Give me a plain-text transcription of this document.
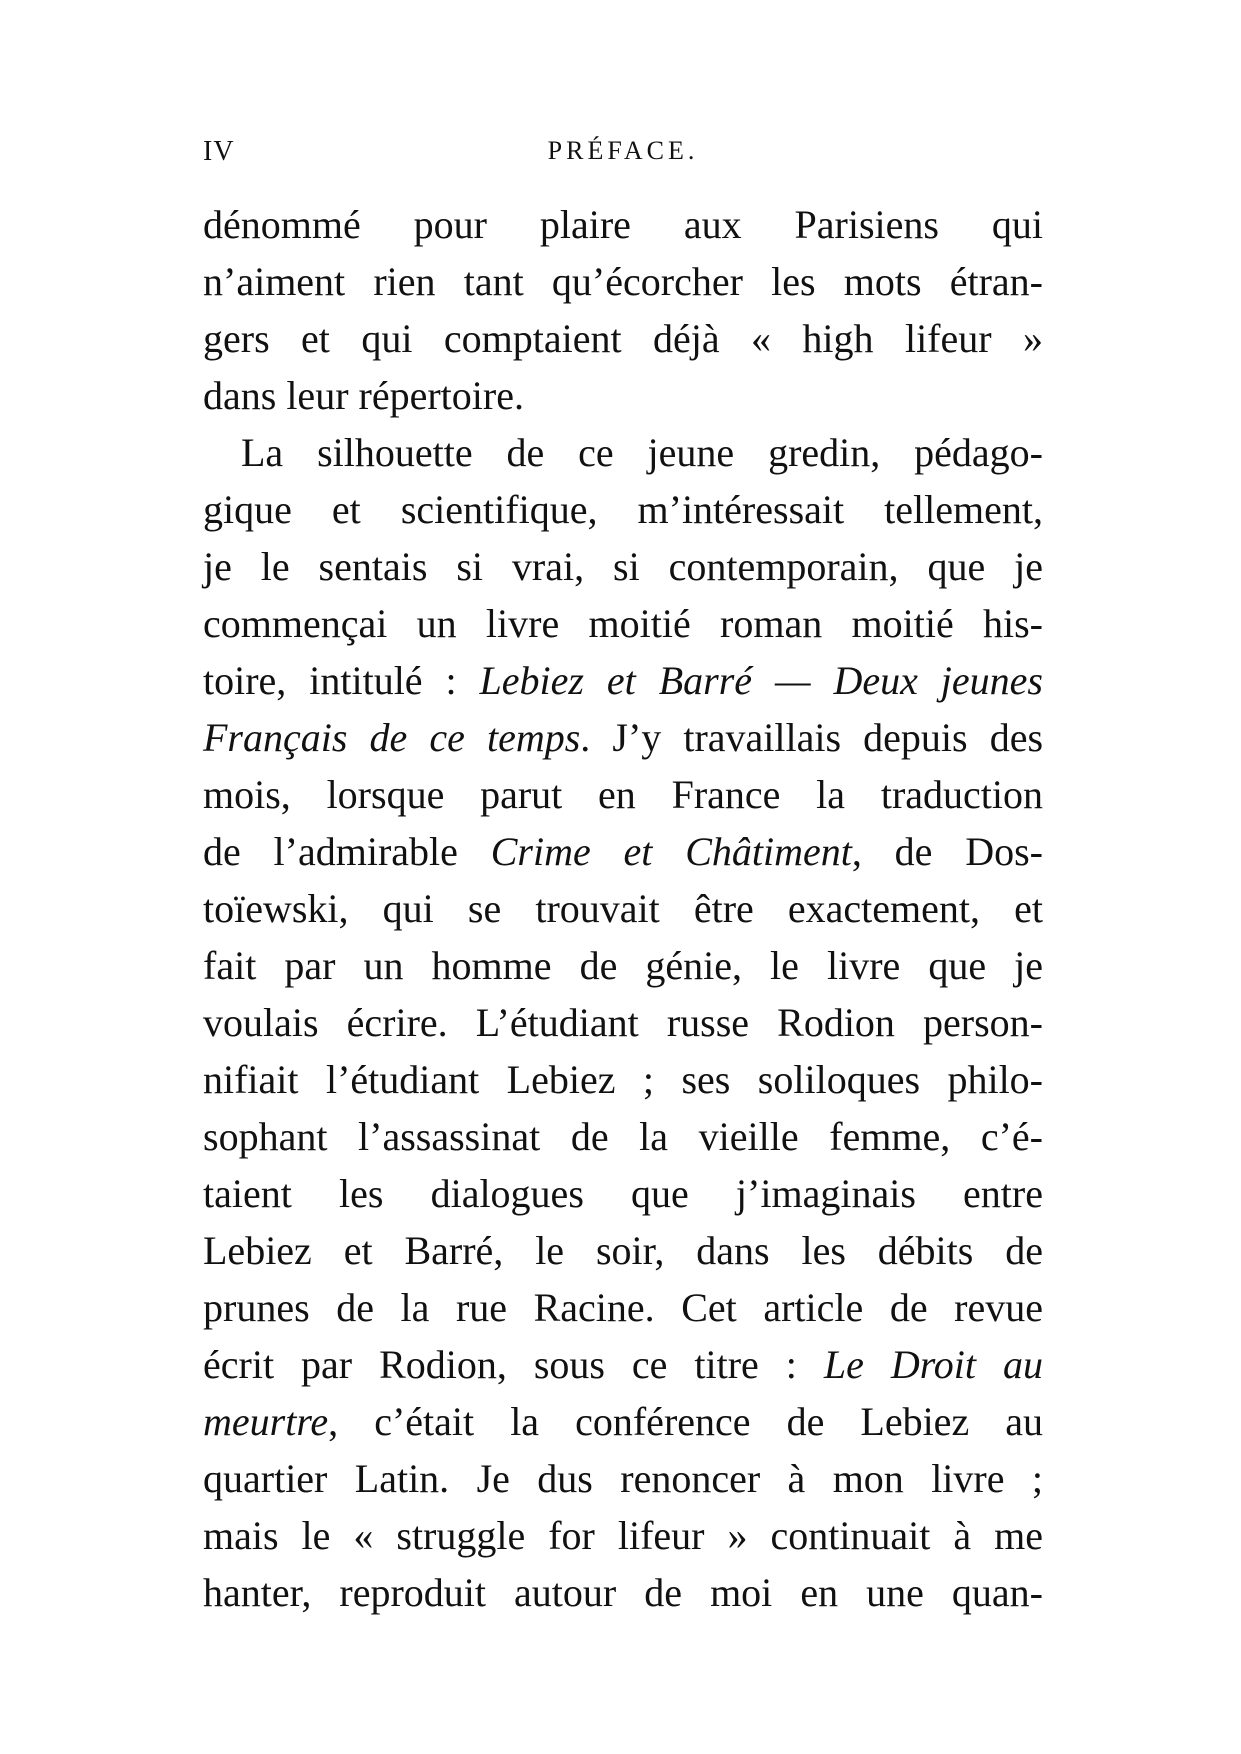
IV	PRÉFACE.
dénommé pour plaire aux Parisiens qui
n’aiment rien tant qu’écorcher les mots étran-
gers et qui comptaient déjà « high lifeur »
dans leur répertoire.
La silhouette de ce jeune gredin, pédago-
gique et scientifique, m’intéressait tellement,
je le sentais si vrai, si contemporain, que je
commençai un livre moitié roman moitié his-
toire, intitulé : Lebiez et Barré — Deux jeunes
Français de ce temps. J’y travaillais depuis des
mois, lorsque parut en France la traduction
de l’admirable Crime et Châtiment, de Dos-
toïewski, qui se trouvait être exactement, et
fait par un homme de génie, le livre que je
voulais écrire. L’étudiant russe Rodion person-
nifiait l’étudiant Lebiez ; ses soliloques philo-
sophant l’assassinat de la vieille femme, c’é-
taient les dialogues que j’imaginais entre
Lebiez et Barré, le soir, dans les débits de
prunes de la rue Racine. Cet article de revue
écrit par Rodion, sous ce titre : Le Droit au
meurtre, c’était la conférence de Lebiez au
quartier Latin. Je dus renoncer à mon livre ;
mais le « struggle for lifeur » continuait à me
hanter, reproduit autour de moi en une quan-
